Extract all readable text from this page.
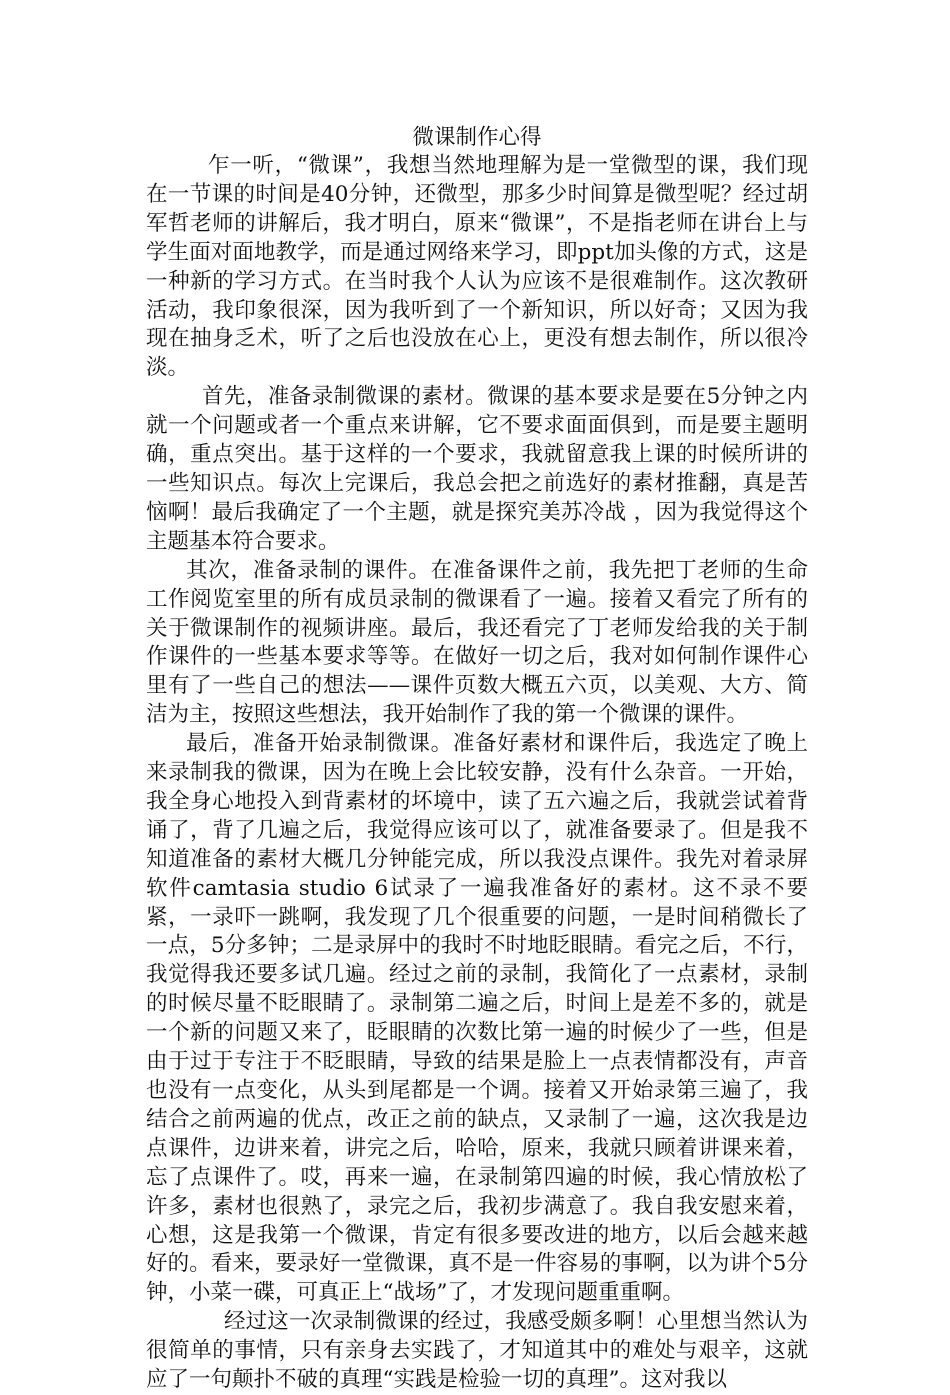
微课制作心得

乍一听，“微课”，我想当然地理解为是一堂微型的课，我们现在一节课的时间是40分钟，还微型，那多少时间算是微型呢？经过胡军哲老师的讲解后，我才明白，原来“微课”，不是指老师在讲台上与学生面对面地教学，而是通过网络来学习，即ppt加头像的方式，这是一种新的学习方式。在当时我个人认为应该不是很难制作。这次教研活动，我印象很深，因为我听到了一个新知识，所以好奇；又因为我现在抽身乏术，听了之后也没放在心上，更没有想去制作，所以很冷淡。

首先，准备录制微课的素材。微课的基本要求是要在5分钟之内就一个问题或者一个重点来讲解，它不要求面面俱到，而是要主题明确，重点突出。基于这样的一个要求，我就留意我上课的时候所讲的一些知识点。每次上完课后，我总会把之前选好的素材推翻，真是苦恼啊！最后我确定了一个主题，就是探究美苏冷战 ，因为我觉得这个主题基本符合要求。

其次，准备录制的课件。在准备课件之前，我先把丁老师的生命工作阅览室里的所有成员录制的微课看了一遍。接着又看完了所有的关于微课制作的视频讲座。最后，我还看完了丁老师发给我的关于制作课件的一些基本要求等等。在做好一切之后，我对如何制作课件心里有了一些自己的想法——课件页数大概五六页，以美观、大方、简洁为主，按照这些想法，我开始制作了我的第一个微课的课件。

最后，准备开始录制微课。准备好素材和课件后，我选定了晚上来录制我的微课，因为在晚上会比较安静，没有什么杂音。一开始，我全身心地投入到背素材的坏境中，读了五六遍之后，我就尝试着背诵了，背了几遍之后，我觉得应该可以了，就准备要录了。但是我不知道准备的素材大概几分钟能完成，所以我没点课件。我先对着录屏软件camtasia studio 6试录了一遍我准备好的素材。这不录不要紧，一录吓一跳啊，我发现了几个很重要的问题，一是时间稍微长了一点，5分多钟；二是录屏中的我时不时地眨眼睛。看完之后，不行，我觉得我还要多试几遍。经过之前的录制，我简化了一点素材，录制的时候尽量不眨眼睛了。录制第二遍之后，时间上是差不多的，就是一个新的问题又来了，眨眼睛的次数比第一遍的时候少了一些，但是由于过于专注于不眨眼睛，导致的结果是脸上一点表情都没有，声音也没有一点变化，从头到尾都是一个调。接着又开始录第三遍了，我结合之前两遍的优点，改正之前的缺点，又录制了一遍，这次我是边点课件，边讲来着，讲完之后，哈哈，原来，我就只顾着讲课来着，忘了点课件了。哎，再来一遍，在录制第四遍的时候，我心情放松了许多，素材也很熟了，录完之后，我初步满意了。我自我安慰来着，心想，这是我第一个微课，肯定有很多要改进的地方，以后会越来越好的。看来，要录好一堂微课，真不是一件容易的事啊，以为讲个5分钟，小菜一碟，可真正上“战场”了，才发现问题重重啊。

经过这一次录制微课的经过，我感受颇多啊！心里想当然认为很简单的事情，只有亲身去实践了，才知道其中的难处与艰辛，这就应了一句颠扑不破的真理“实践是检验一切的真理”。这对我以
